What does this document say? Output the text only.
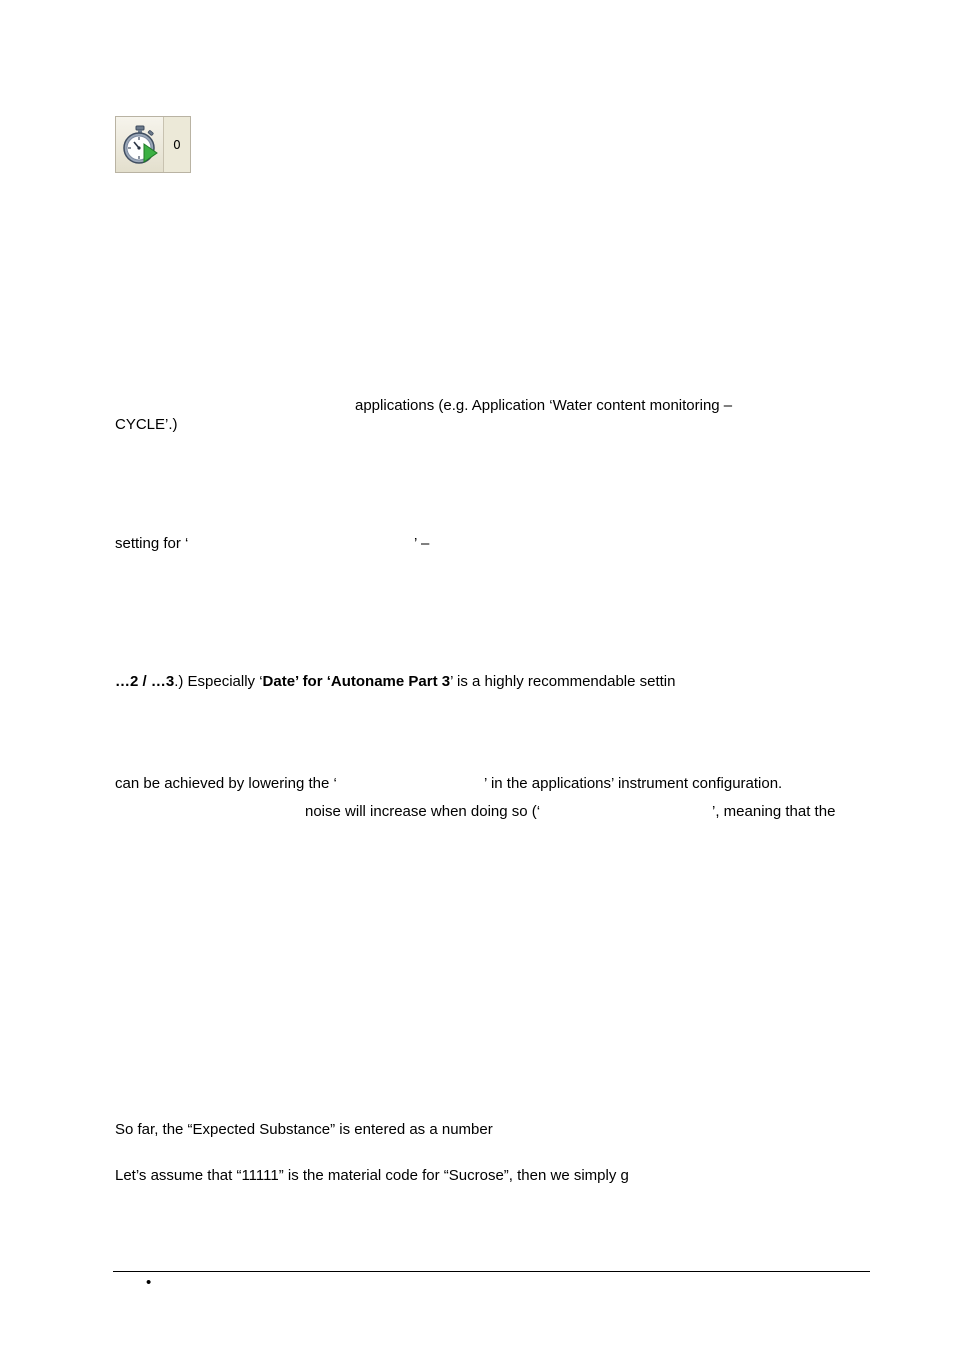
0
applications (e.g. Application ‘Water content monitoring –
CYCLE’.)
setting for ‘	’ –
…2 / …3.) Especially ‘Date’ for ‘Autoname Part 3’ is a highly recommendable settin
can be achieved by lowering the ‘	’ in the applications’ instrument configuration.
noise will increase when doing so (‘	’, meaning that the
So far, the “Expected Substance” is entered as a number
Let’s assume that “11111” is the material code for “Sucrose”, then we simply g
•
